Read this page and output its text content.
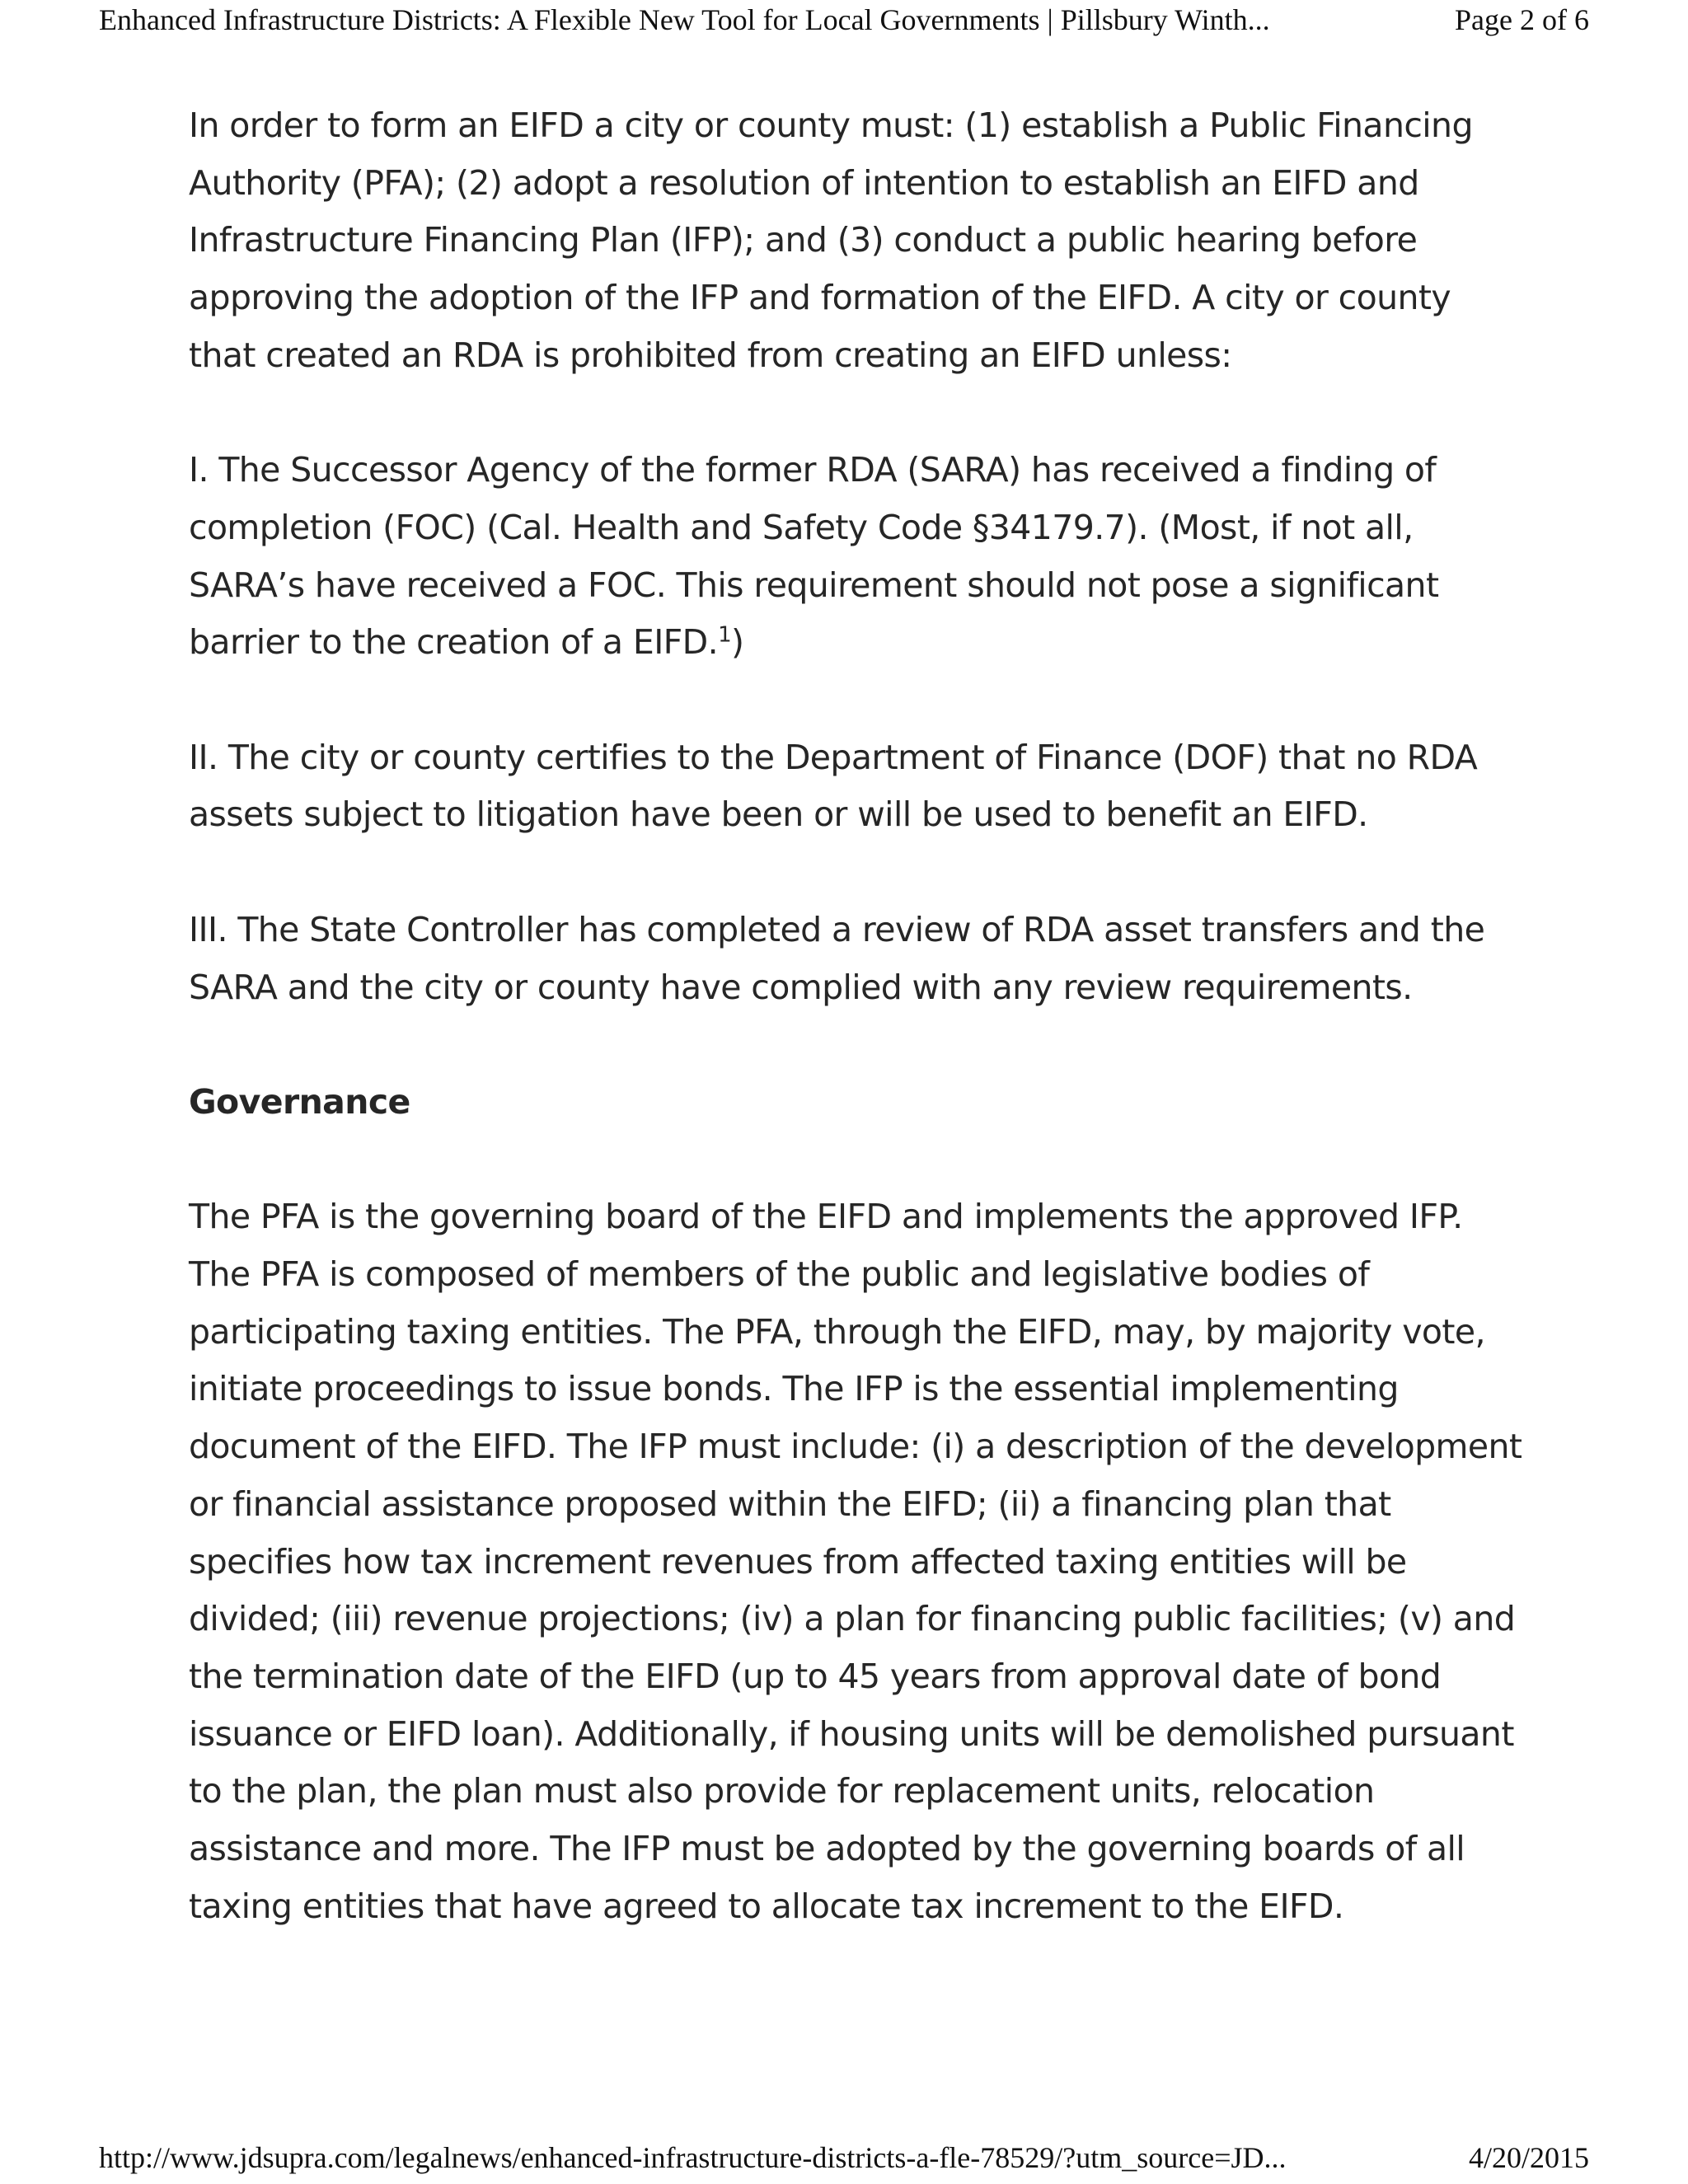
Enhanced Infrastructure Districts: A Flexible New Tool for Local Governments | Pillsbury Winth...	Page 2 of 6

In order to form an EIFD a city or county must: (1) establish a Public Financing Authority (PFA); (2) adopt a resolution of intention to establish an EIFD and Infrastructure Financing Plan (IFP); and (3) conduct a public hearing before approving the adoption of the IFP and formation of the EIFD. A city or county that created an RDA is prohibited from creating an EIFD unless:

I. The Successor Agency of the former RDA (SARA) has received a finding of completion (FOC) (Cal. Health and Safety Code §34179.7). (Most, if not all, SARA’s have received a FOC. This requirement should not pose a significant barrier to the creation of a EIFD.$^1$)

II. The city or county certifies to the Department of Finance (DOF) that no RDA assets subject to litigation have been or will be used to benefit an EIFD.

III. The State Controller has completed a review of RDA asset transfers and the SARA and the city or county have complied with any review requirements.

Governance

The PFA is the governing board of the EIFD and implements the approved IFP. The PFA is composed of members of the public and legislative bodies of participating taxing entities. The PFA, through the EIFD, may, by majority vote, initiate proceedings to issue bonds. The IFP is the essential implementing document of the EIFD. The IFP must include: (i) a description of the development or financial assistance proposed within the EIFD; (ii) a financing plan that specifies how tax increment revenues from affected taxing entities will be divided; (iii) revenue projections; (iv) a plan for financing public facilities; (v) and the termination date of the EIFD (up to 45 years from approval date of bond issuance or EIFD loan). Additionally, if housing units will be demolished pursuant to the plan, the plan must also provide for replacement units, relocation assistance and more. The IFP must be adopted by the governing boards of all taxing entities that have agreed to allocate tax increment to the EIFD.

http://www.jdsupra.com/legalnews/enhanced-infrastructure-districts-a-fle-78529/?utm_source=JD...	4/20/2015
